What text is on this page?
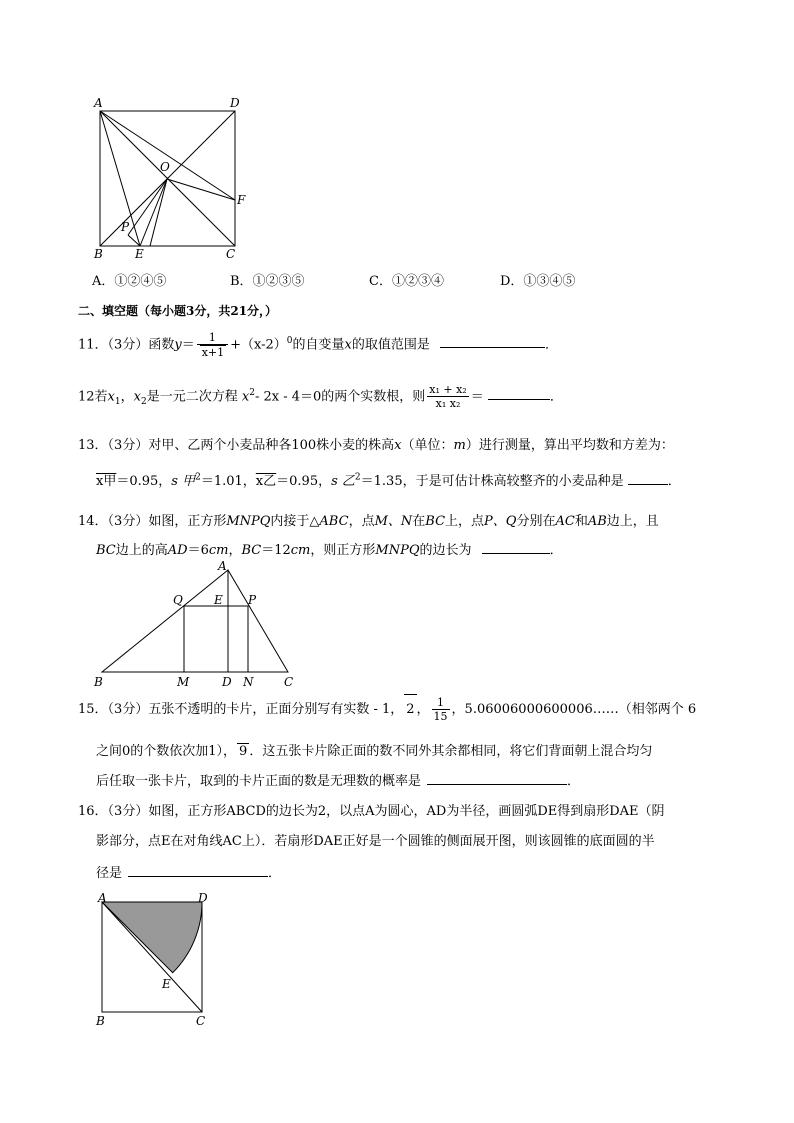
A	D
O
F
P
B	E	C
A．①②④⑤	B．①②③⑤	C．①②③④	D．①③④⑤
二、填空题（每小题3分，共21分，）
11．（3分）函数$y= \frac{1}{x+1} +(x-2)^0$的自变量x的取值范围是	．
12若$x_1$，$x_2$是一元二次方程 $x^2-$ 2x - 4＝0的两个实数根，则 $\frac{\text{x₁ + x₂}}{\text{x₁ x₂}}$ ＝	．
13．（3分）对甲、乙两个小麦品种各100株小麦的株高x（单位：m）进行测量，算出平均数和方差为：
x甲＝0.95，s 甲$^2$＝1.01，x乙＝0.95，s 乙$^2$＝1.35，于是可估计株高较整齐的小麦品种是	．
14．（3分）如图，正方形MNPQ内接于△ABC，点M、N在BC上，点P、Q分别在AC和AB边上，且
BC边上的高AD＝6cm，BC＝12cm，则正方形MNPQ的边长为	．
A
Q	E P
B	M	D N	C
15．（3分）五张不透明的卡片，正面分别写有实数 - 1， 2 ， $\frac{1}{15}$ ，5.06006000600006……（相邻两个 6
之间0的个数依次加1）， 9 ．这五张卡片除正面的数不同外其余都相同，将它们背面朝上混合均匀
后任取一张卡片，取到的卡片正面的数是无理数的概率是	．
16．（3分）如图，正方形ABCD的边长为2，以点A为圆心，AD为半径，画圆弧DE得到扇形DAE（阴
影部分，点E在对角线AC上）．若扇形DAE正好是一个圆锥的侧面展开图，则该圆锥的底面圆的半
径是	．
A	D
E
B	C
